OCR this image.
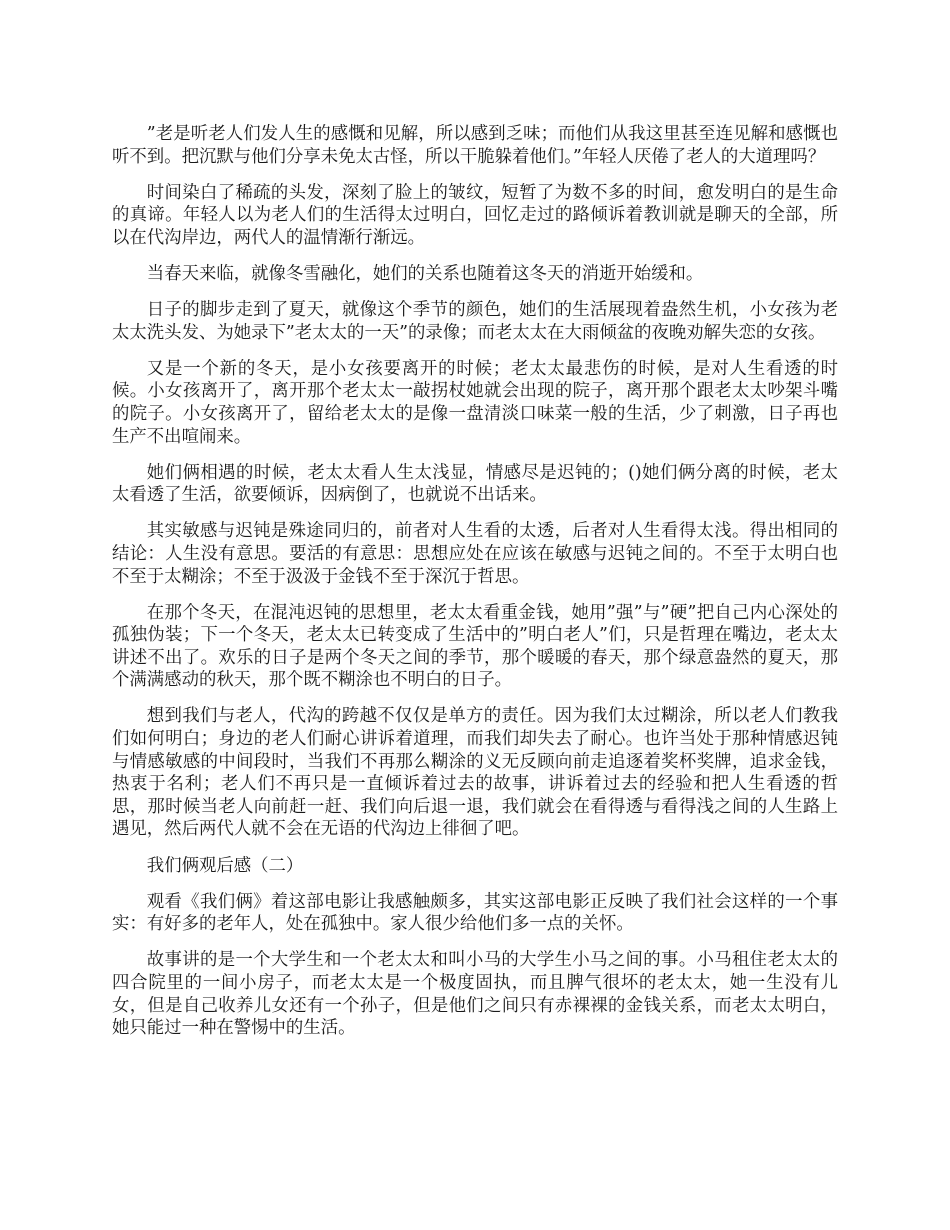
”老是听老人们发人生的感慨和见解，所以感到乏味；而他们从我这里甚至连见解和感慨也听不到。把沉默与他们分享未免太古怪，所以干脆躲着他们。”年轻人厌倦了老人的大道理吗？

时间染白了稀疏的头发，深刻了脸上的皱纹，短暂了为数不多的时间，愈发明白的是生命的真谛。年轻人以为老人们的生活得太过明白，回忆走过的路倾诉着教训就是聊天的全部，所以在代沟岸边，两代人的温情渐行渐远。

当春天来临，就像冬雪融化，她们的关系也随着这冬天的消逝开始缓和。

日子的脚步走到了夏天，就像这个季节的颜色，她们的生活展现着盎然生机，小女孩为老太太洗头发、为她录下”老太太的一天”的录像；而老太太在大雨倾盆的夜晚劝解失恋的女孩。

又是一个新的冬天，是小女孩要离开的时候；老太太最悲伤的时候，是对人生看透的时候。小女孩离开了，离开那个老太太一敲拐杖她就会出现的院子，离开那个跟老太太吵架斗嘴的院子。小女孩离开了，留给老太太的是像一盘清淡口味菜一般的生活，少了刺激，日子再也生产不出喧闹来。

她们俩相遇的时候，老太太看人生太浅显，情感尽是迟钝的；()她们俩分离的时候，老太太看透了生活，欲要倾诉，因病倒了，也就说不出话来。

其实敏感与迟钝是殊途同归的，前者对人生看的太透，后者对人生看得太浅。得出相同的结论：人生没有意思。要活的有意思：思想应处在应该在敏感与迟钝之间的。不至于太明白也不至于太糊涂；不至于汲汲于金钱不至于深沉于哲思。

在那个冬天，在混沌迟钝的思想里，老太太看重金钱，她用”强”与”硬”把自己内心深处的孤独伪装；下一个冬天，老太太已转变成了生活中的”明白老人”们，只是哲理在嘴边，老太太讲述不出了。欢乐的日子是两个冬天之间的季节，那个暖暖的春天，那个绿意盎然的夏天，那个满满感动的秋天，那个既不糊涂也不明白的日子。

想到我们与老人，代沟的跨越不仅仅是单方的责任。因为我们太过糊涂，所以老人们教我们如何明白；身边的老人们耐心讲诉着道理，而我们却失去了耐心。也许当处于那种情感迟钝与情感敏感的中间段时，当我们不再那么糊涂的义无反顾向前走追逐着奖杯奖牌，追求金钱，热衷于名利；老人们不再只是一直倾诉着过去的故事，讲诉着过去的经验和把人生看透的哲思，那时候当老人向前赶一赶、我们向后退一退，我们就会在看得透与看得浅之间的人生路上遇见，然后两代人就不会在无语的代沟边上徘徊了吧。

我们俩观后感（二）

观看《我们俩》着这部电影让我感触颇多，其实这部电影正反映了我们社会这样的一个事实：有好多的老年人，处在孤独中。家人很少给他们多一点的关怀。

故事讲的是一个大学生和一个老太太和叫小马的大学生小马之间的事。小马租住老太太的四合院里的一间小房子，而老太太是一个极度固执，而且脾气很坏的老太太，她一生没有儿女，但是自己收养儿女还有一个孙子，但是他们之间只有赤裸裸的金钱关系，而老太太明白，她只能过一种在警惕中的生活。
